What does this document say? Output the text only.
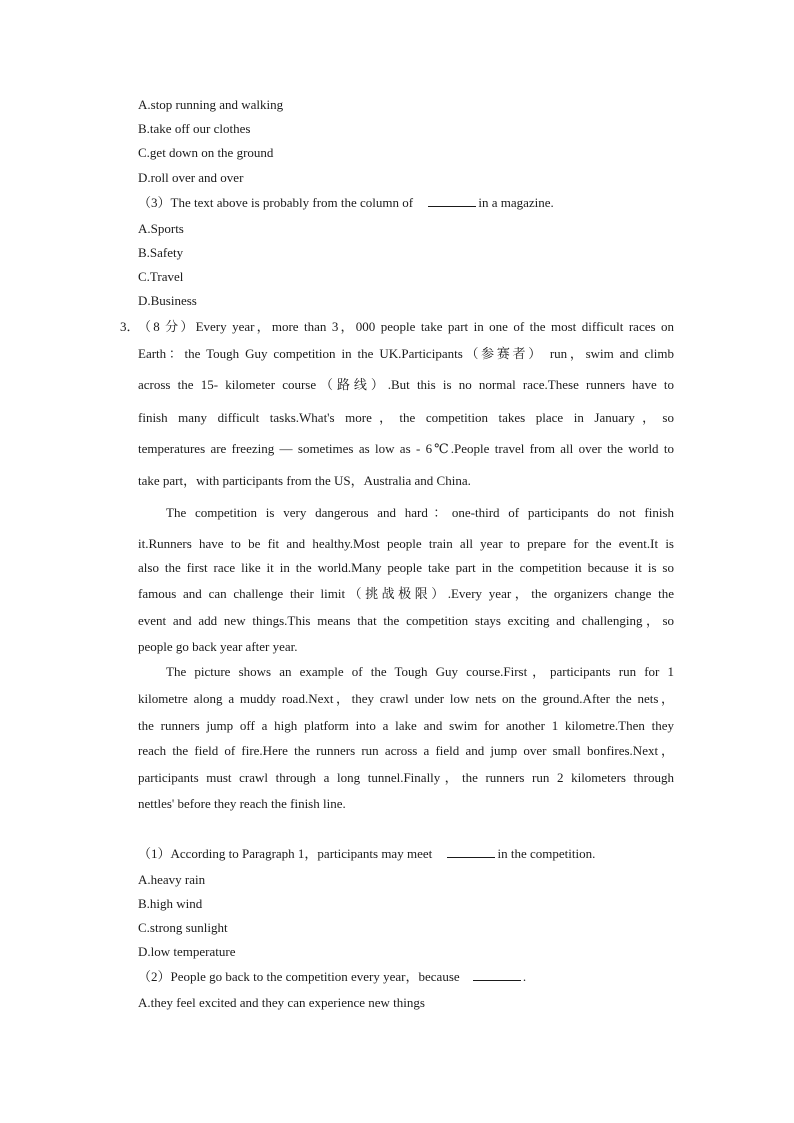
A.stop running and walking
B.take off our clothes
C.get down on the ground
D.roll over and over
（3）The text above is probably from the column of	in a magazine.
A.Sports
B.Safety
C.Travel
D.Business
3．
（8 分）Every year，more than 3，000 people take part in one of the most difficult races on
Earth：the Tough Guy competition in the UK.Participants（参赛者） run，swim and climb
across the 15- kilometer course（路线）.But this is no normal race.These runners have to
finish many difficult tasks.What's more，the competition takes place in January，so
temperatures are freezing — sometimes as low as - 6℃.People travel from all over the world to
take part，with participants from the US，Australia and China.
The competition is very dangerous and hard：one-third of participants do not finish
it.Runners have to be fit and healthy.Most people train all year to prepare for the event.It is
also the first race like it in the world.Many people take part in the competition because it is so
famous and can challenge their limit（挑战极限）.Every year，the organizers change the
event and add new things.This means that the competition stays exciting and challenging，so
people go back year after year.
The picture shows an example of the Tough Guy course.First，participants run for 1
kilometre along a muddy road.Next，they crawl under low nets on the ground.After the nets，
the runners jump off a high platform into a lake and swim for another 1 kilometre.Then they
reach the field of fire.Here the runners run across a field and jump over small bonfires.Next，
participants must crawl through a long tunnel.Finally，the runners run 2 kilometers through
nettles' before they reach the finish line.
（1）According to Paragraph 1，participants may meet	in the competition.
A.heavy rain
B.high wind
C.strong sunlight
D.low temperature
（2）People go back to the competition every year，because	.
A.they feel excited and they can experience new things
